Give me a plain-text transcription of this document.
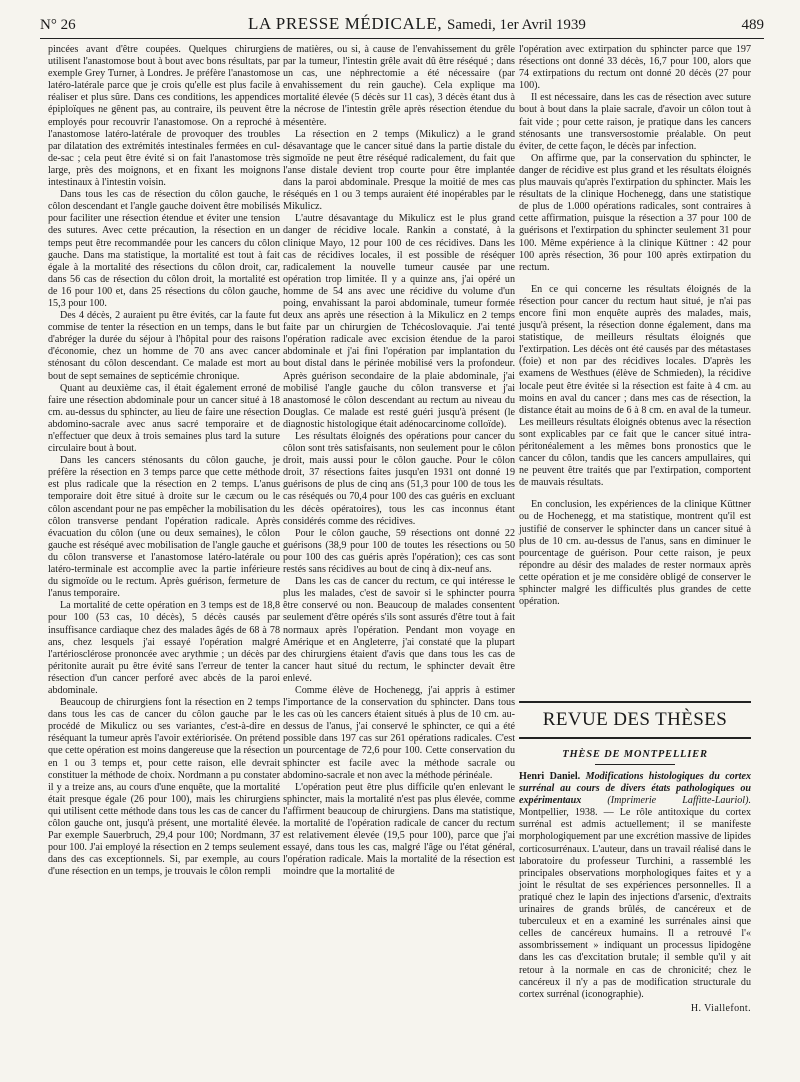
N° 26	LA PRESSE MÉDICALE, Samedi, 1er Avril 1939	489

pincées avant d'être coupées. Quelques chirurgiens utilisent l'anastomose bout à bout avec bons résultats, par exemple Grey Turner, à Londres. Je préfère l'anastomose latéro-latérale parce que je crois qu'elle est plus facile à réaliser et plus sûre. Dans ces conditions, les appendices épiploïques ne gênent pas, au contraire, ils peuvent être employés pour recouvrir l'anastomose. On a reproché à l'anastomose latéro-latérale de provoquer des troubles par dilatation des extrémités intestinales fermées en cul-de-sac ; cela peut être évité si on fait l'anastomose très large, près des moignons, et en fixant les moignons intestinaux à l'intestin voisin.

Dans tous les cas de résection du côlon gauche, le côlon descendant et l'angle gauche doivent être mobilisés pour faciliter une résection étendue et éviter une tension des sutures. Avec cette précaution, la résection en un temps peut être recommandée pour les cancers du côlon gauche. Dans ma statistique, la mortalité est tout à fait égale à la mortalité des résections du côlon droit, car, dans 56 cas de résection du côlon droit, la mortalité est de 16 pour 100 et, dans 25 résections du côlon gauche, 15,3 pour 100.

Des 4 décès, 2 auraient pu être évités, car la faute fut commise de tenter la résection en un temps, dans le but d'abréger la durée du séjour à l'hôpital pour des raisons d'économie, chez un homme de 70 ans avec cancer sténosant du côlon descendant. Ce malade est mort au bout de sept semaines de septicémie chronique.

Quant au deuxième cas, il était également erroné de faire une résection abdominale pour un cancer situé à 18 cm. au-dessus du sphincter, au lieu de faire une résection abdomino-sacrale avec anus sacré temporaire et de n'effectuer que deux à trois semaines plus tard la suture circulaire bout à bout.

Dans les cancers sténosants du côlon gauche, je préfère la résection en 3 temps parce que cette méthode est plus radicale que la résection en 2 temps. L'anus temporaire doit être situé à droite sur le cæcum ou le côlon ascendant pour ne pas empêcher la mobilisation du côlon transverse pendant l'opération radicale. Après évacuation du côlon (une ou deux semaines), le côlon gauche est réséqué avec mobilisation de l'angle gauche et du côlon transverse et l'anastomose latéro-latérale ou latéro-terminale est accomplie avec la partie inférieure du sigmoïde ou le rectum. Après guérison, fermeture de l'anus temporaire.

La mortalité de cette opération en 3 temps est de 18,8 pour 100 (53 cas, 10 décès), 5 décès causés par insuffisance cardiaque chez des malades âgés de 68 à 78 ans, chez lesquels j'ai essayé l'opération malgré l'artériosclérose prononcée avec arythmie ; un décès par péritonite aurait pu être évité sans l'erreur de tenter la résection d'un cancer perforé avec abcès de la paroi abdominale.

Beaucoup de chirurgiens font la résection en 2 temps dans tous les cas de cancer du côlon gauche par le procédé de Mikulicz ou ses variantes, c'est-à-dire en réséquant la tumeur après l'avoir extériorisée. On prétend que cette opération est moins dangereuse que la résection en 1 ou 3 temps et, pour cette raison, elle devrait constituer la méthode de choix. Nordmann a pu constater il y a treize ans, au cours d'une enquête, que la mortalité était presque égale (26 pour 100), mais les chirurgiens qui utilisent cette méthode dans tous les cas de cancer du côlon gauche ont, jusqu'à présent, une mortalité élevée. Par exemple Sauerbruch, 29,4 pour 100; Nordmann, 37 pour 100. J'ai employé la résection en 2 temps seulement dans des cas exceptionnels. Si, par exemple, au cours d'une résection en un temps, je trouvais le côlon rempli

de matières, ou si, à cause de l'envahissement du grêle par la tumeur, l'intestin grêle avait dû être réséqué ; dans un cas, une néphrectomie a été nécessaire (par envahissement du rein gauche). Cela explique ma mortalité élevée (5 décès sur 11 cas), 3 décès étant dus à la nécrose de l'intestin grêle après résection étendue du mésentère.

La résection en 2 temps (Mikulicz) a le grand désavantage que le cancer situé dans la partie distale du sigmoïde ne peut être réséqué radicalement, du fait que l'anse distale devient trop courte pour être implantée dans la paroi abdominale. Presque la moitié de mes cas réséqués en 1 ou 3 temps auraient été inopérables par le Mikulicz.

L'autre désavantage du Mikulicz est le plus grand danger de récidive locale. Rankin a constaté, à la clinique Mayo, 12 pour 100 de ces récidives. Dans les cas de récidives locales, il est possible de réséquer radicalement la nouvelle tumeur causée par une opération trop limitée. Il y a quinze ans, j'ai opéré un homme de 54 ans avec une récidive du volume d'un poing, envahissant la paroi abdominale, tumeur formée deux ans après une résection à la Mikulicz en 2 temps faite par un chirurgien de Tchécoslovaquie. J'ai tenté l'opération radicale avec excision étendue de la paroi abdominale et j'ai fini l'opération par implantation du bout distal dans le périnée mobilisé vers la profondeur. Après guérison secondaire de la plaie abdominale, j'ai mobilisé l'angle gauche du côlon transverse et j'ai anastomosé le côlon descendant au rectum au niveau du Douglas. Ce malade est resté guéri jusqu'à présent (le diagnostic histologique était adénocarcinome colloïde).

Les résultats éloignés des opérations pour cancer du côlon sont très satisfaisants, non seulement pour le côlon droit, mais aussi pour le côlon gauche. Pour le côlon droit, 37 résections faites jusqu'en 1931 ont donné 19 guérisons de plus de cinq ans (51,3 pour 100 de tous les cas réséqués ou 70,4 pour 100 des cas guéris en excluant les décès opératoires), tous les cas inconnus étant considérés comme des récidives.

Pour le côlon gauche, 59 résections ont donné 22 guérisons (38,9 pour 100 de toutes les résections ou 50 pour 100 des cas guéris après l'opération); ces cas sont restés sans récidives au bout de cinq à dix-neuf ans.

Dans les cas de cancer du rectum, ce qui intéresse le plus les malades, c'est de savoir si le sphincter pourra être conservé ou non. Beaucoup de malades consentent seulement d'être opérés s'ils sont assurés d'être tout à fait normaux après l'opération. Pendant mon voyage en Amérique et en Angleterre, j'ai constaté que la plupart des chirurgiens étaient d'avis que dans tous les cas de cancer haut situé du rectum, le sphincter devait être enlevé.

Comme élève de Hochenegg, j'ai appris à estimer l'importance de la conservation du sphincter. Dans tous les cas où les cancers étaient situés à plus de 10 cm. au-dessus de l'anus, j'ai conservé le sphincter, ce qui a été possible dans 197 cas sur 261 opérations radicales. C'est un pourcentage de 72,6 pour 100. Cette conservation du sphincter est facile avec la méthode sacrale ou abdomino-sacrale et non avec la méthode périnéale.

L'opération peut être plus difficile qu'en enlevant le sphincter, mais la mortalité n'est pas plus élevée, comme l'affirment beaucoup de chirurgiens. Dans ma statistique, la mortalité de l'opération radicale de cancer du rectum est relativement élevée (19,5 pour 100), parce que j'ai essayé, dans tous les cas, malgré l'âge ou l'état général, l'opération radicale. Mais la mortalité de la résection est moindre que la mortalité de

l'opération avec extirpation du sphincter parce que 197 résections ont donné 33 décès, 16,7 pour 100, alors que 74 extirpations du rectum ont donné 20 décès (27 pour 100).

Il est nécessaire, dans les cas de résection avec suture bout à bout dans la plaie sacrale, d'avoir un côlon tout à fait vide ; pour cette raison, je pratique dans les cancers sténosants une transversostomie préalable. On peut éviter, de cette façon, le décès par infection.

On affirme que, par la conservation du sphincter, le danger de récidive est plus grand et les résultats éloignés plus mauvais qu'après l'extirpation du sphincter. Mais les résultats de la clinique Hochenegg, dans une statistique de plus de 1.000 opérations radicales, sont contraires à cette affirmation, puisque la résection a 37 pour 100 de guérisons et l'extirpation du sphincter seulement 31 pour 100. Même expérience à la clinique Küttner : 42 pour 100 après résection, 36 pour 100 après extirpation du rectum.

En ce qui concerne les résultats éloignés de la résection pour cancer du rectum haut situé, je n'ai pas encore fini mon enquête auprès des malades, mais, jusqu'à présent, la résection donne également, dans ma statistique, de meilleurs résultats éloignés que l'extirpation. Les décès ont été causés par des métastases (foie) et non par des récidives locales. D'après les examens de Westhues (élève de Schmieden), la récidive locale peut être évitée si la résection est faite à 4 cm. au moins en aval du cancer ; dans mes cas de résection, la distance était au moins de 6 à 8 cm. en aval de la tumeur. Les meilleurs résultats éloignés obtenus avec la résection sont explicables par ce fait que le cancer situé intra-péritonéalement a les mêmes bons pronostics que le cancer du côlon, tandis que les cancers ampullaires, qui ne peuvent être traités que par l'extirpation, comportent de mauvais résultats.

En conclusion, les expériences de la clinique Küttner ou de Hochenegg, et ma statistique, montrent qu'il est justifié de conserver le sphincter dans un cancer situé à plus de 10 cm. au-dessus de l'anus, sans en diminuer le pourcentage de guérison. Pour cette raison, je peux répondre au désir des malades de rester normaux après cette opération et je me considère obligé de conserver le sphincter malgré les difficultés plus grandes de cette opération.

REVUE DES THÈSES
THÈSE DE MONTPELLIER
Henri Daniel. Modifications histologiques du cortex surrénal au cours de divers états pathologiques ou expérimentaux	(Imprimerie Laffitte-Lauriol). Montpellier, 1938. — Le rôle antitoxique du cortex surrénal est admis actuellement; il se manifeste morphologiquement par une excrétion massive de lipides corticosurrénaux. L'auteur, dans un travail réalisé dans le laboratoire du professeur Turchini, a rassemblé les principales observations morphologiques faites et y a joint le résultat de ses expériences personnelles. Il a pratiqué chez le lapin des injections d'arsenic, d'extraits urinaires de grands brûlés, de cancéreux et de tuberculeux et en a examiné les surrénales ainsi que celles de cancéreux humains. Il a retrouvé l'« assombrissement » indiquant un processus lipidogène dans les cas d'excitation brutale; il semble qu'il y ait retour à la normale en cas de chronicité; chez le cancéreux il n'y a pas de modification structurale du cortex surrénal (iconographie).
H. Viallefont.
